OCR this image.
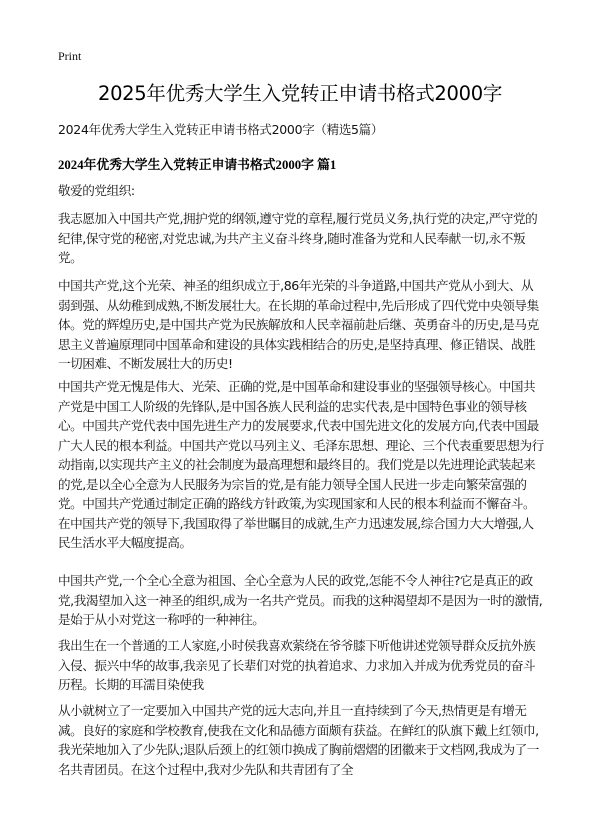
Print
2025年优秀大学生入党转正申请书格式2000字
2024年优秀大学生入党转正申请书格式2000字（精选5篇）
2024年优秀大学生入党转正申请书格式2000字 篇1

敬爱的党组织:

我志愿加入中国共产党,拥护党的纲领,遵守党的章程,履行党员义务,执行党的决定,严守党的纪律,保守党的秘密,对党忠诚,为共产主义奋斗终身,随时准备为党和人民奉献一切,永不叛党。

中国共产党,这个光荣、神圣的组织成立于,86年光荣的斗争道路,中国共产党从小到大、从弱到强、从幼稚到成熟,不断发展壮大。在长期的革命过程中,先后形成了四代党中央领导集体。党的辉煌历史,是中国共产党为民族解放和人民幸福前赴后继、英勇奋斗的历史,是马克思主义普遍原理同中国革命和建设的具体实践相结合的历史,是坚持真理、修正错误、战胜一切困难、不断发展壮大的历史!

中国共产党无愧是伟大、光荣、正确的党,是中国革命和建设事业的坚强领导核心。中国共产党是中国工人阶级的先锋队,是中国各族人民利益的忠实代表,是中国特色事业的领导核心。中国共产党代表中国先进生产力的发展要求,代表中国先进文化的发展方向,代表中国最广大人民的根本利益。中国共产党以马列主义、毛泽东思想、理论、三个代表重要思想为行动指南,以实现共产主义的社会制度为最高理想和最终目的。我们党是以先进理论武装起来的党,是以全心全意为人民服务为宗旨的党,是有能力领导全国人民进一步走向繁荣富强的党。中国共产党通过制定正确的路线方针政策,为实现国家和人民的根本利益而不懈奋斗。在中国共产党的领导下,我国取得了举世瞩目的成就,生产力迅速发展,综合国力大大增强,人民生活水平大幅度提高。

中国共产党,一个全心全意为祖国、全心全意为人民的政党,怎能不令人神往?它是真正的政党,我渴望加入这一神圣的组织,成为一名共产党员。而我的这种渴望却不是因为一时的激情,是始于从小对党这一称呼的一种神往。

我出生在一个普通的工人家庭,小时侯我喜欢萦绕在爷爷膝下听他讲述党领导群众反抗外族入侵、振兴中华的故事,我亲见了长辈们对党的执着追求、力求加入并成为优秀党员的奋斗历程。长期的耳濡目染使我

从小就树立了一定要加入中国共产党的远大志向,并且一直持续到了今天,热情更是有增无减。良好的家庭和学校教育,使我在文化和品德方面颇有获益。在鲜红的队旗下戴上红领巾,我光荣地加入了少先队;退队后颈上的红领巾换成了胸前熠熠的团徽来于文档网,我成为了一名共青团员。在这个过程中,我对少先队和共青团有了全
